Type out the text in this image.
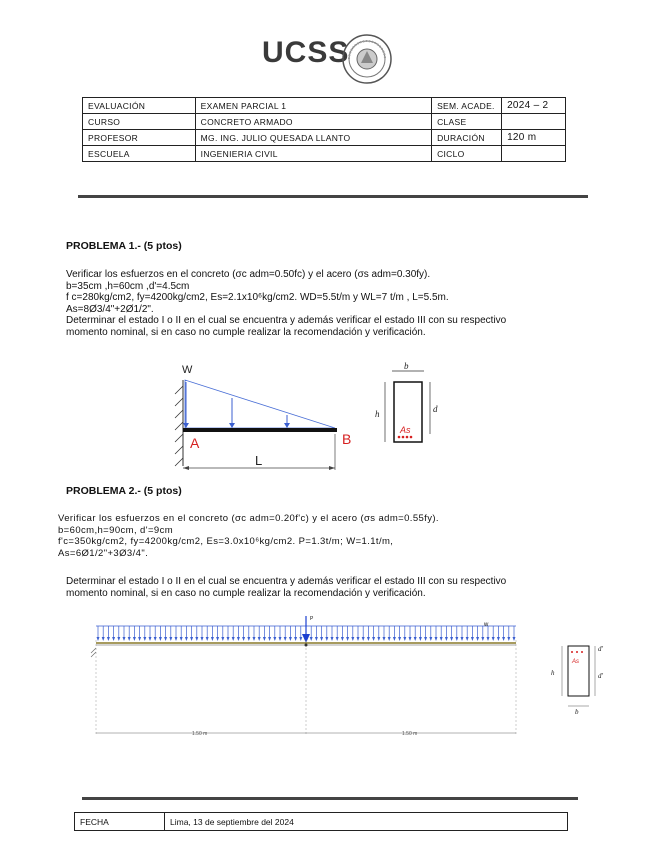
UCSS
EVALUACIÓN	EXAMEN PARCIAL 1	SEM. ACADE.	2024 – 2
CURSO	CONCRETO ARMADO	CLASE	
PROFESOR	MG. ING. JULIO QUESADA LLANTO	DURACIÓN	120 m
ESCUELA	INGENIERIA CIVIL	CICLO	
PROBLEMA 1.- (5 ptos)
Verificar los esfuerzos en el concreto (σc adm=0.50fc) y el acero (σs adm=0.30fy).
b=35cm ,h=60cm ,d'=4.5cm
f c=280kg/cm2, fy=4200kg/cm2, Es=2.1x10⁶kg/cm2. WD=5.5t/m y WL=7 t/m , L=5.5m.
As=8Ø3/4"+2Ø1/2".
Determinar el estado I o II en el cual se encuentra y además verificar el estado III con su respectivo
momento nominal, si en caso no cumple realizar la recomendación y verificación.
W
A	B
L
b
h	d
As
PROBLEMA 2.- (5 ptos)
Verificar los esfuerzos en el concreto (σc adm=0.20f'c) y el acero (σs adm=0.55fy).
b=60cm,h=90cm, d'=9cm
f'c=350kg/cm2, fy=4200kg/cm2, Es=3.0x10⁶kg/cm2. P=1.3t/m; W=1.1t/m,
As=6Ø1/2"+3Ø3/4".
Determinar el estado I o II en el cual se encuentra y además verificar el estado III con su respectivo
momento nominal, si en caso no cumple realizar la recomendación y verificación.
P
w
1.50 m	1.50 m
As
h
d'
d'
b
FECHA	Lima, 13 de septiembre del 2024
